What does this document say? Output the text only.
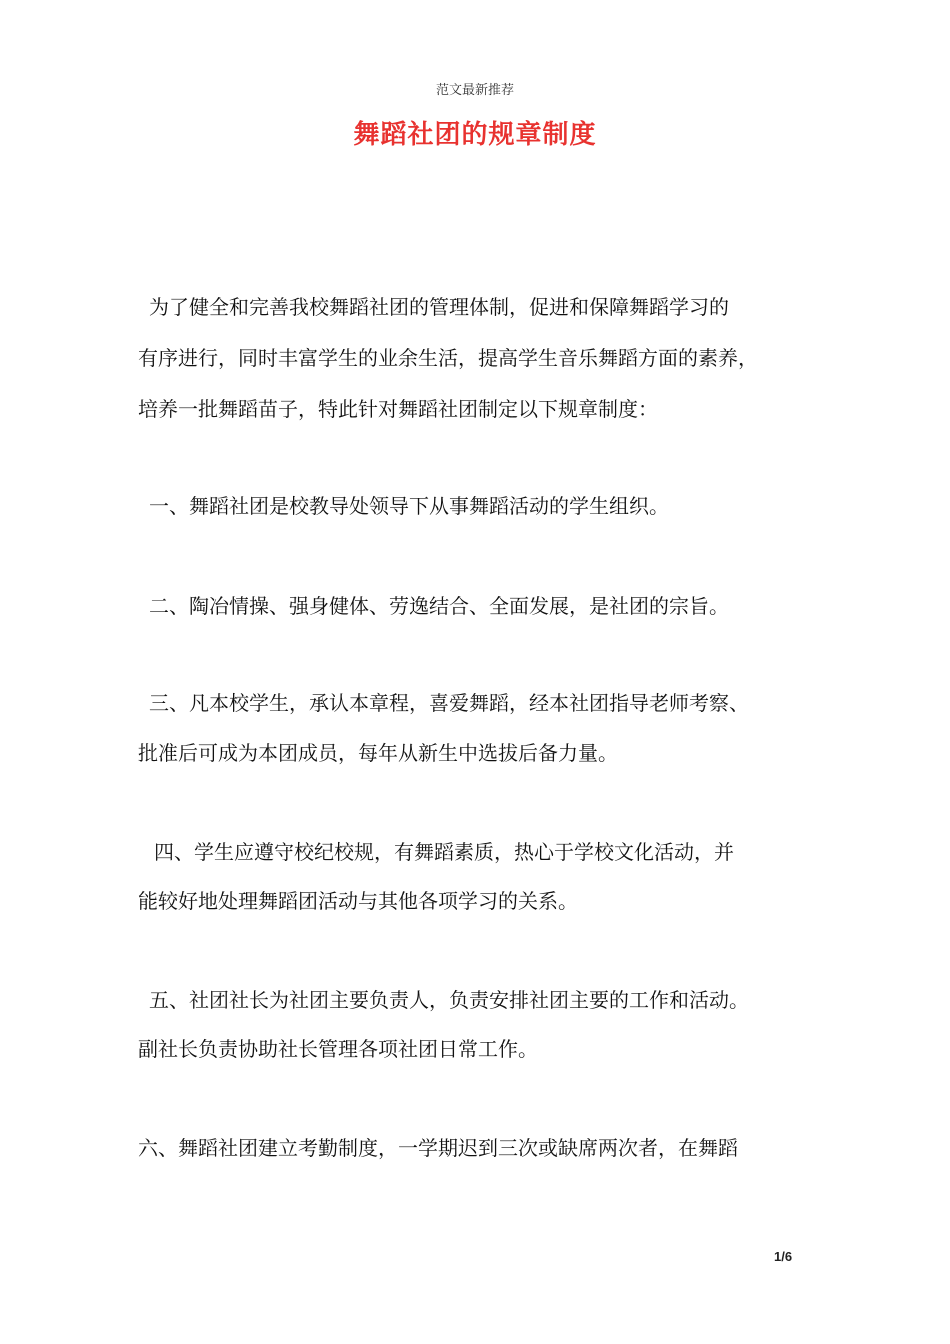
范文最新推荐
舞蹈社团的规章制度
为了健全和完善我校舞蹈社团的管理体制，促进和保障舞蹈学习的
有序进行，同时丰富学生的业余生活，提高学生音乐舞蹈方面的素养，
培养一批舞蹈苗子，特此针对舞蹈社团制定以下规章制度：
一、舞蹈社团是校教导处领导下从事舞蹈活动的学生组织。
二、陶冶情操、强身健体、劳逸结合、全面发展，是社团的宗旨。
三、凡本校学生，承认本章程，喜爱舞蹈，经本社团指导老师考察、
批准后可成为本团成员，每年从新生中选拔后备力量。
四、学生应遵守校纪校规，有舞蹈素质，热心于学校文化活动，并
能较好地处理舞蹈团活动与其他各项学习的关系。
五、社团社长为社团主要负责人，负责安排社团主要的工作和活动。
副社长负责协助社长管理各项社团日常工作。
六、舞蹈社团建立考勤制度，一学期迟到三次或缺席两次者，在舞蹈
1/6
